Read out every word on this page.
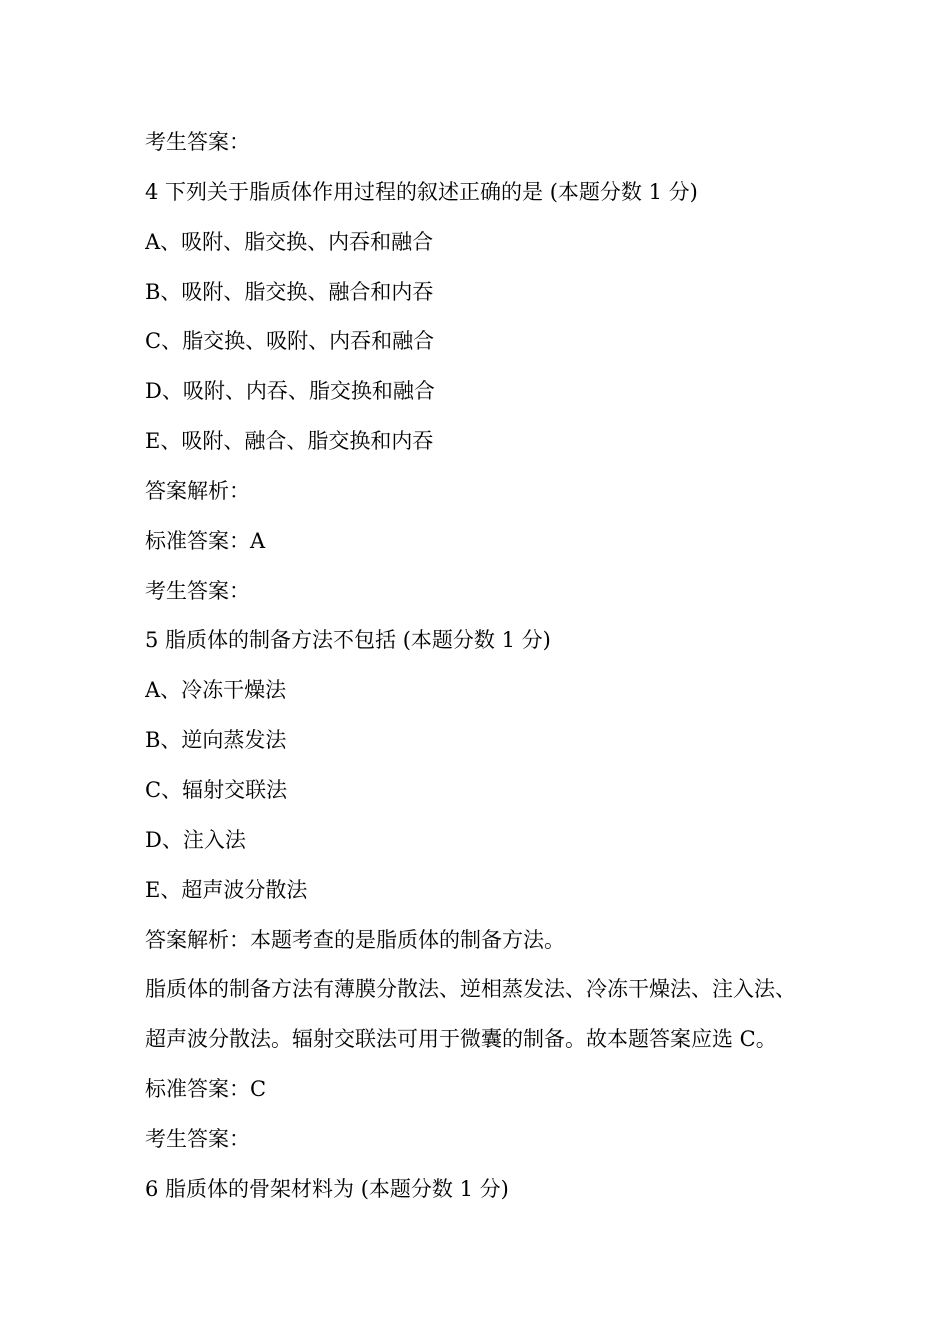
考生答案：
4 下列关于脂质体作用过程的叙述正确的是 (本题分数 1 分)
A、吸附、脂交换、内吞和融合
B、吸附、脂交换、融合和内吞
C、脂交换、吸附、内吞和融合
D、吸附、内吞、脂交换和融合
E、吸附、融合、脂交换和内吞
答案解析：
标准答案：A
考生答案：
5 脂质体的制备方法不包括 (本题分数 1 分)
A、冷冻干燥法
B、逆向蒸发法
C、辐射交联法
D、注入法
E、超声波分散法
答案解析：本题考查的是脂质体的制备方法。
脂质体的制备方法有薄膜分散法、逆相蒸发法、冷冻干燥法、注入法、
超声波分散法。辐射交联法可用于微囊的制备。故本题答案应选 C。
标准答案：C
考生答案：
6 脂质体的骨架材料为 (本题分数 1 分)
